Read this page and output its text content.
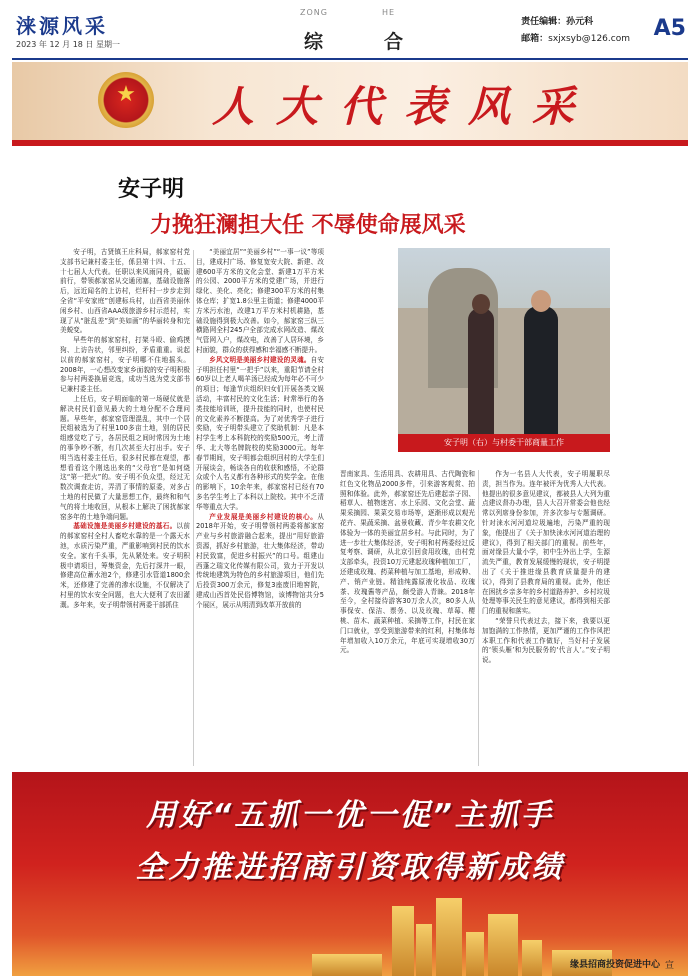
涞源风采
2023 年 12 月 18 日 星期一
ZONG	HE
综	合
责任编辑：孙元科
邮箱：sxjxsyb@126.com A5
★ 人大代表风采
安子明
力挽狂澜担大任 不辱使命展风采

安子明，古贤镇王庄科局，郝家窑村党支部书记兼村委主任，係县第十四、十五、十七届人大代表。任职以来风雨同舟，砥砺前行，带领郝家窑从交通闭塞，基础设施落后，远近闻名的上访村，烂杆村一步步走到全省“平安家庭”创建标兵村，山西省美丽休闲乡村、山西省AAA级旅游乡村示范村，实现了从“脏乱差”到“美如画”的华丽转身和完美蜕变。

早些年的郝家窑村，打架斗殴、偷鸡摸狗、上访告状，邻里纠纷，矛盾重重。说起以前的郝家窑村，安子明哪不住地摇头。2008年，一心想改变家乡面貌的安子明积极参与村两委换届竞选，成功当选为党支部书记兼村委主任。

上任后，安子明面临的第一场硬仗就是解决村民们意见最大的土地分配不合理问题。早些年，郝家窑管理混乱，其中一个居民组被选为了村里100多亩土地，别的居民组感觉吃了亏，各居民组之间时常因为土地的事争吵不断，有几次甚至大打出手。安子明当选村委主任后，很多村民都在观望，都想看看这个刚选出来的“父母官”是如何烧这“第一把火”的。安子明不负众望，经过无数次调查走访，弄清了事情的原委，对多占土地的村民做了大量思想工作，最终和和气气的将土地收回，从根本上解决了困扰郝家窑多年的土地争端问题。

基础设施是美丽乡村建设的基石。以前的郝家窑村全村人畜吃水靠的是一个露天水池，水质污染严重，严重影响到村民的饮水安全。家有千头事，先从紧处来。安子明积极申请项目，筹集资金，先后打深井一眼，修建高位蓄水池2个，修建引水管道1800余米，还修建了完善的渗水设施，不仅解决了村里的饮水安全问题，也大大便利了农田灌溉。多年来，安子明带领村两委干部抓住

“美丽宜居”“美丽乡村”“一事一议”等项目，建成村广场、修复宽安大院、新建、改建600平方米的文化会堂、新建1万平方米的公园、2000平方米的党建广场，并进行绿化、美化、亮化；修建300平方米的村集体仓库；扩宽1.8公里主街道；修建4000平方米污水池，改建1万平方米村机耕路，基础设施得到极大改善。如今，郝家窑三纵三横路网全村245户全部完成水网改造、煤改气管网入户，煤改电，改善了人居环境，乡村面貌，群众的获得感和幸福感不断提升。

乡风文明是美丽乡村建设的灵魂。自安子明担任村里“一把手”以来，重阳节请全村60岁以上老人喝羊汤已经成为每年必不可少的项目；每逢节庆组织妇女们开展各类文娱活动，丰富村民的文化生活；时常举行的各类技能培训班，提升技能的同时，也使村民的文化素养不断提高。为了对优秀学子进行奖励，安子明带头建立了奖助机制：凡是本村学生考上本科院校的奖励500元，考上清华、北大等名牌院校的奖励3000元。每年春节期间，安子明都会组织回村的大学生们开展谈会，畅谈各自的收获和感悟，不论群众或个人名义都有各种形式的奖学金。在他的影响下，10余年来，郝家窑村已经有70多名学生考上了本科以上院校。其中不乏清华等重点大学。

产业发展是美丽乡村建设的核心。从2018年开始，安子明带领村两委将郝家窑产业与乡村旅游融合起来，提出“用好旅游资源，抓好乡村旅游，壮大集体经济，带动村民致富，促进乡村振兴”的口号。组建山西蓬之瑞文化传媒有限公司，致力于开发以传统地建筑为特色的乡村旅游项目，他们先后投资300万余元，修复3座废旧地窖院，建成山西首处民俗博物馆，该博物馆共分5个展区，展示从明清到改革开放前的

安子明（右）与村委干部商量工作

晋南家具、生活用具、农耕用具、古代陶瓷和红色文化物品2000多件，引来游客观赏、拍照和体验。此外，郝家窑还先后建起亲子园、稻草人、植物迷宫、水上乐园、文化会堂、蔬果采摘园、果菜交易市场等，逐渐形成以观光花卉、果蔬采摘、盆景收藏、青少年农耕文化体验为一体的美丽宜居乡村。与此同时，为了进一步壮大集体经济，安子明和村两委经过反复考察、调研，从北京引回食用玫瑰，由村党支部牵头，投资10万元建起玫瑰种植加工厂，还建成玫瑰、药菜种植与加工基地，形成种、产、销产业链。精油纯露原液化妆品、玫瑰茶、玫瑰酱等产品，颇受游人青睐。2018年至今，全村接待游客30万余人次，80多人从事保安、保洁、票务、以及玫瑰、草莓、樱桃、苗木、蔬菜种植、采摘等工作，村民在家门口就业，享受到旅游带来的红利，村集体每年增加收入10万余元，年底可实现增收30万元。

作为一名县人大代表，安子明履职尽责，担当作为。连年被评为优秀人大代表。他提出的很多意见建议，都被县人大列为重点建议督办办理，县人大召开常委会他也经常以列席身份参加，并多次参与专题调研。针对涞水河河道垃圾遍地，污染严重的现象，他提出了《关于加快涞水河河道治理的建议》，得到了相关部门的重视。前些年，面对缘县大量小学，初中生外出上学，生源流失严重，教育发展缓慢的现状，安子明提出了《关于推进缘县教育质量提升的建议》，得到了县教育局的重视。此外，他还在困扰乡亲多年的乡村道路养护、乡村垃圾处理等事关民生的意见建议，都得到相关部门的重视和落实。

“荣誉只代表过去，接下来，我要以更加饱满的工作热情，更加严谨的工作作风把本职工作和代表工作做好，当好村子发展的‘领头雁’和为民服务的‘代言人’。”安子明说。

用好“五抓一优一促”主抓手
全力推进招商引资取得新成绩
缘县招商投资促进中心 宣
